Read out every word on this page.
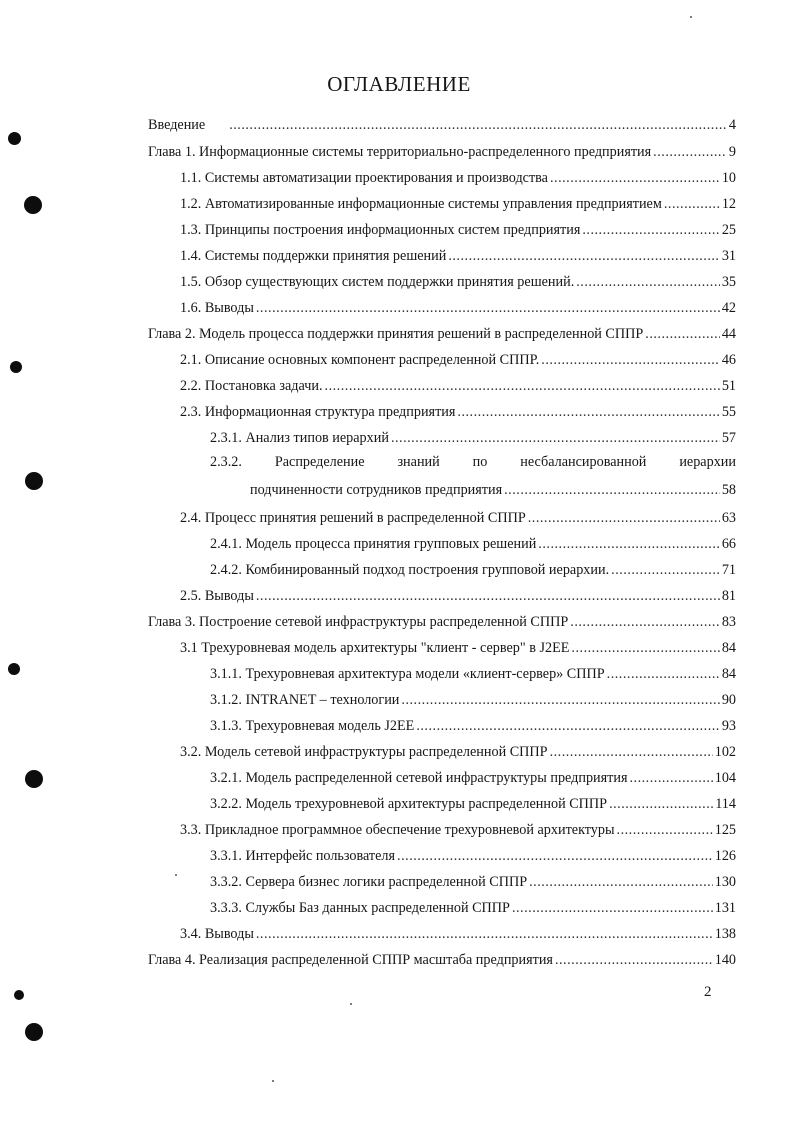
ОГЛАВЛЕНИЕ
Введение .....	4
Глава 1. Информационные системы территориально-распределенного предприятия .....	9
1.1. Системы автоматизации проектирования и производства .....	10
1.2. Автоматизированные информационные системы управления предприятием .....	12
1.3. Принципы построения информационных систем предприятия .....	25
1.4. Системы поддержки принятия решений .....	31
1.5. Обзор существующих систем поддержки принятия решений. .....	35
1.6. Выводы .....	42
Глава 2. Модель процесса поддержки принятия решений в распределенной СППР .....	44
2.1. Описание основных компонент распределенной СППР. .....	46
2.2. Постановка задачи. .....	51
2.3. Информационная структура предприятия .....	55
2.3.1. Анализ типов иерархий .....	57
2.3.2. Распределение знаний по несбалансированной иерархии
подчиненности сотрудников предприятия .....	58
2.4. Процесс принятия решений в распределенной СППР .....	63
2.4.1. Модель процесса принятия групповых решений .....	66
2.4.2. Комбинированный подход построения групповой иерархии. .....	71
2.5. Выводы .....	81
Глава 3. Построение сетевой инфраструктуры распределенной СППР .....	83
3.1 Трехуровневая модель архитектуры "клиент - сервер" в J2EE .....	84
3.1.1. Трехуровневая архитектура модели «клиент-сервер» СППР .....	84
3.1.2. INTRANET – технологии .....	90
3.1.3. Трехуровневая модель J2EE .....	93
3.2. Модель сетевой инфраструктуры распределенной СППР .....	102
3.2.1. Модель распределенной сетевой инфраструктуры предприятия .....	104
3.2.2. Модель трехуровневой архитектуры распределенной СППР .....	114
3.3. Прикладное программное обеспечение трехуровневой архитектуры .....	125
3.3.1. Интерфейс пользователя .....	126
3.3.2. Сервера бизнес логики распределенной СППР .....	130
3.3.3. Службы Баз данных распределенной СППР .....	131
3.4. Выводы .....	138
Глава 4. Реализация распределенной СППР масштаба предприятия .....	140
2
